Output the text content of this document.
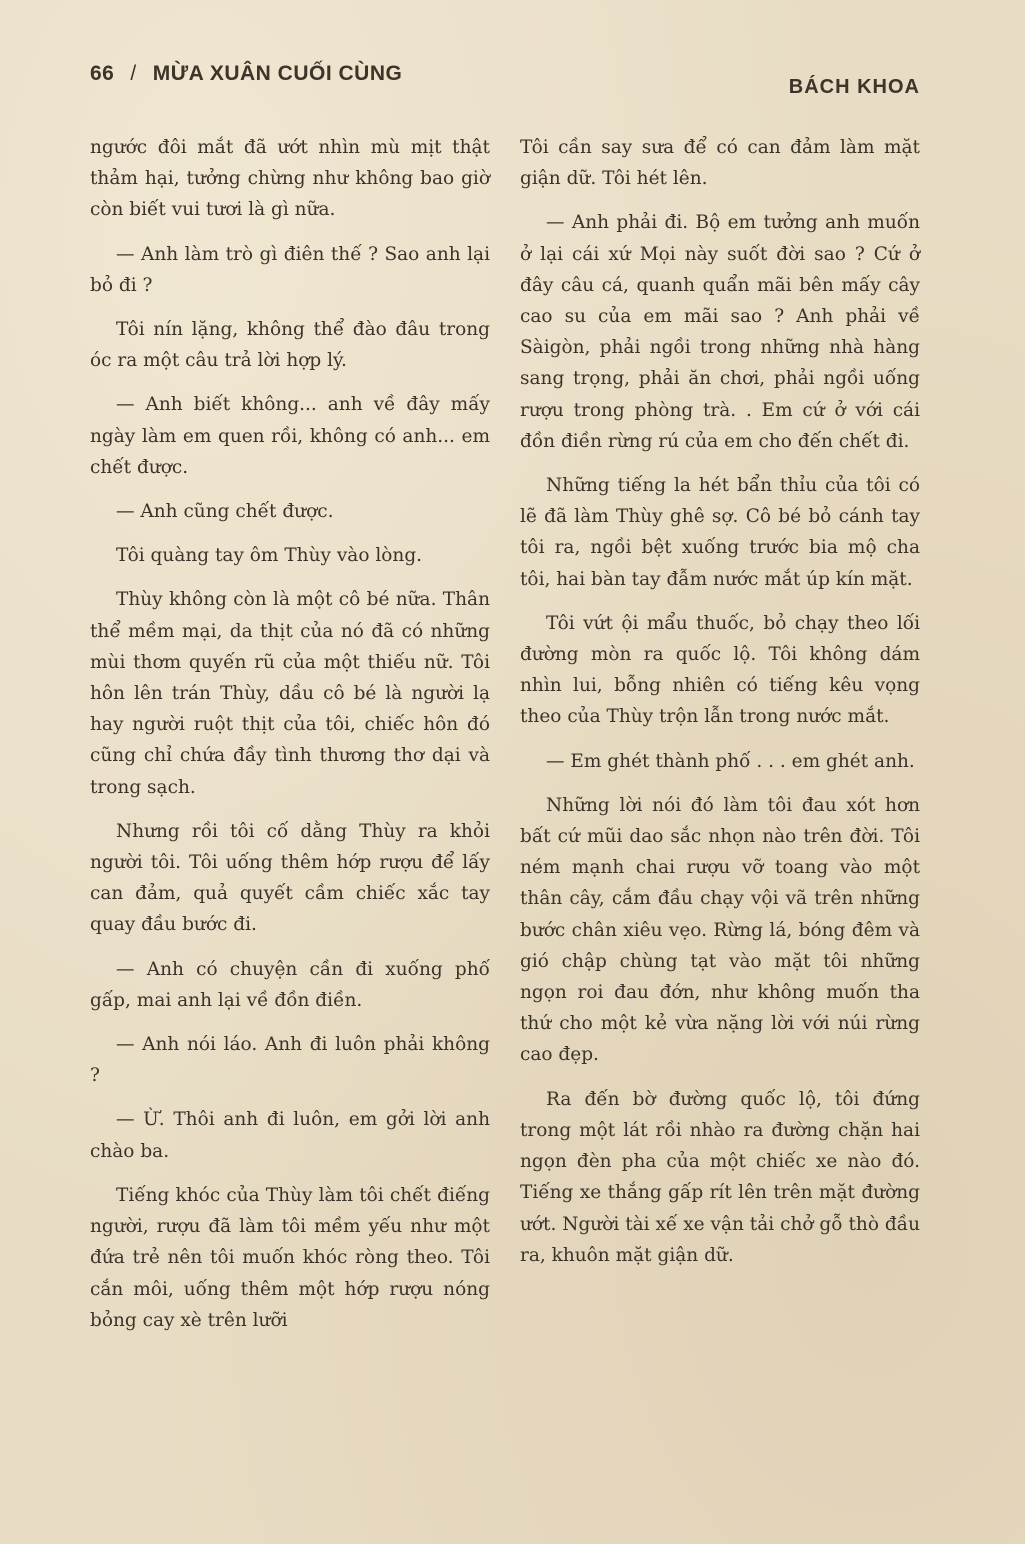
66 / MỪA XUÂN CUỐI CÙNG
BÁCH KHOA

ngước đôi mắt đã ướt nhìn mù mịt thật thảm hại, tưởng chừng như không bao giờ còn biết vui tươi là gì nữa.

— Anh làm trò gì điên thế ? Sao anh lại bỏ đi ?

Tôi nín lặng, không thể đào đâu trong óc ra một câu trả lời hợp lý.

— Anh biết không... anh về đây mấy ngày làm em quen rồi, không có anh... em chết được.

— Anh cũng chết được.

Tôi quàng tay ôm Thùy vào lòng.

Thùy không còn là một cô bé nữa. Thân thể mềm mại, da thịt của nó đã có những mùi thơm quyến rũ của một thiếu nữ. Tôi hôn lên trán Thùy, dầu cô bé là người lạ hay người ruột thịt của tôi, chiếc hôn đó cũng chỉ chứa đầy tình thương thơ dại và trong sạch.

Nhưng rồi tôi cố dằng Thùy ra khỏi người tôi. Tôi uống thêm hớp rượu để lấy can đảm, quả quyết cầm chiếc xắc tay quay đầu bước đi.

— Anh có chuyện cần đi xuống phố gấp, mai anh lại về đồn điền.

— Anh nói láo. Anh đi luôn phải không ?

— Ừ. Thôi anh đi luôn, em gởi lời anh chào ba.

Tiếng khóc của Thùy làm tôi chết điếng người, rượu đã làm tôi mềm yếu như một đứa trẻ nên tôi muốn khóc ròng theo. Tôi cắn môi, uống thêm một hớp rượu nóng bỏng cay xè trên lưỡi

Tôi cần say sưa để có can đảm làm mặt giận dữ. Tôi hét lên.

— Anh phải đi. Bộ em tưởng anh muốn ở lại cái xứ Mọi này suốt đời sao ? Cứ ở đây câu cá, quanh quẩn mãi bên mấy cây cao su của em mãi sao ? Anh phải về Sàigòn, phải ngồi trong những nhà hàng sang trọng, phải ăn chơi, phải ngồi uống rượu trong phòng trà. . Em cứ ở với cái đồn điền rừng rú của em cho đến chết đi.

Những tiếng la hét bẩn thỉu của tôi có lẽ đã làm Thùy ghê sợ. Cô bé bỏ cánh tay tôi ra, ngồi bệt xuống trước bia mộ cha tôi, hai bàn tay đẫm nước mắt úp kín mặt.

Tôi vứt ội mẩu thuốc, bỏ chạy theo lối đường mòn ra quốc lộ. Tôi không dám nhìn lui, bỗng nhiên có tiếng kêu vọng theo của Thùy trộn lẫn trong nước mắt.

— Em ghét thành phố . . . em ghét anh.

Những lời nói đó làm tôi đau xót hơn bất cứ mũi dao sắc nhọn nào trên đời. Tôi ném mạnh chai rượu vỡ toang vào một thân cây, cắm đầu chạy vội vã trên những bước chân xiêu vẹo. Rừng lá, bóng đêm và gió chập chùng tạt vào mặt tôi những ngọn roi đau đớn, như không muốn tha thứ cho một kẻ vừa nặng lời với núi rừng cao đẹp.

Ra đến bờ đường quốc lộ, tôi đứng trong một lát rồi nhào ra đường chặn hai ngọn đèn pha của một chiếc xe nào đó. Tiếng xe thắng gấp rít lên trên mặt đường ướt. Người tài xế xe vận tải chở gỗ thò đầu ra, khuôn mặt giận dữ.
